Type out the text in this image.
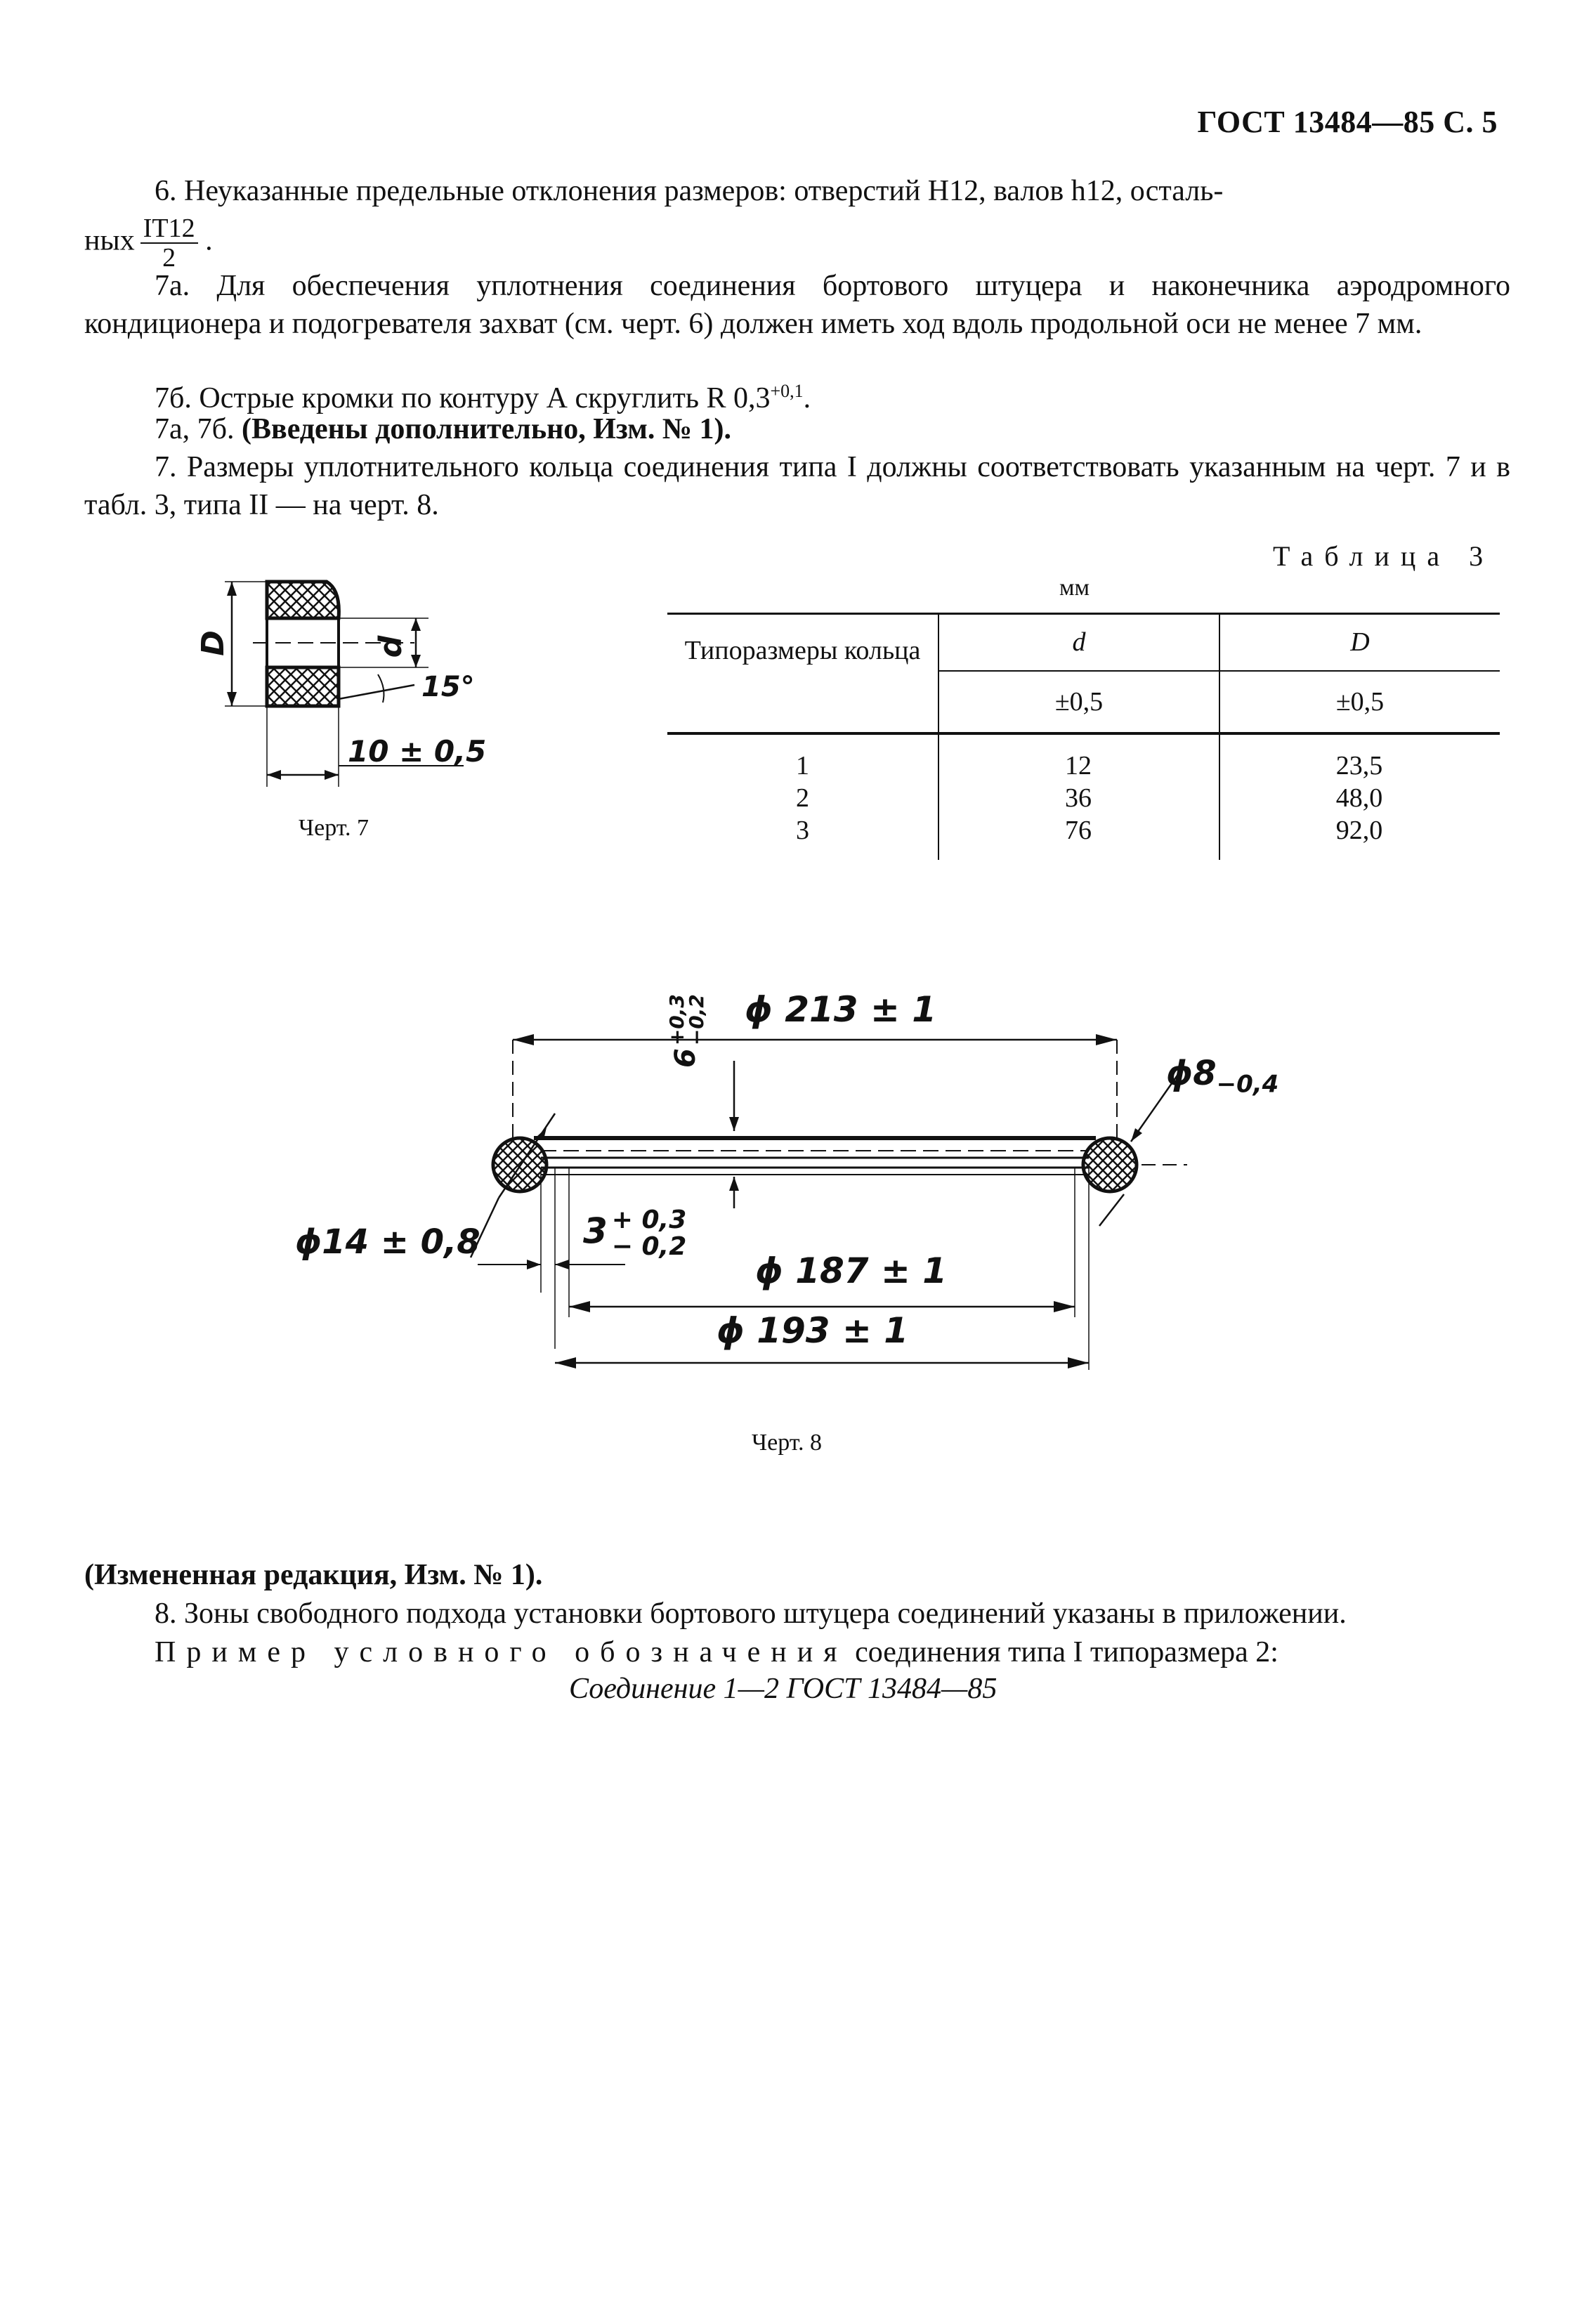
ГОСТ 13484—85 С. 5
6. Неуказанные предельные отклонения размеров: отверстий H12, валов h12, осталь-
ных $\frac{IT12}{2}$ .
7а. Для обеспечения уплотнения соединения бортового штуцера и наконечника аэродромного кондиционера и подогревателя захват (см. черт. 6) должен иметь ход вдоль продольной оси не менее 7 мм.
7б. Острые кромки по контуру А скруглить R $0,3^{+0,1}$.
7а, 7б. (Введены дополнительно, Изм. № 1).
7. Размеры уплотнительного кольца соединения типа I должны соответствовать указанным на черт. 7 и в табл. 3, типа II — на черт. 8.
D	d
15°
10 ± 0,5
Черт. 7
Таблица 3
мм
Типоразмеры кольца	d	D
±0,5	±0,5
1	12	23,5
2	36	48,0
3	76	92,0
ϕ 213 ± 1
$\phi 8_{-0,4}$
6
+0,3
−0,2
ϕ14 ± 0,8	3 + 0,3
− 0,2
ϕ 187 ± 1
ϕ 193 ± 1
Черт. 8
(Измененная редакция, Изм. № 1).
8. Зоны свободного подхода установки бортового штуцера соединений указаны в приложении.
Пример условного обозначения соединения типа I типоразмера 2:
Соединение 1—2 ГОСТ 13484—85
